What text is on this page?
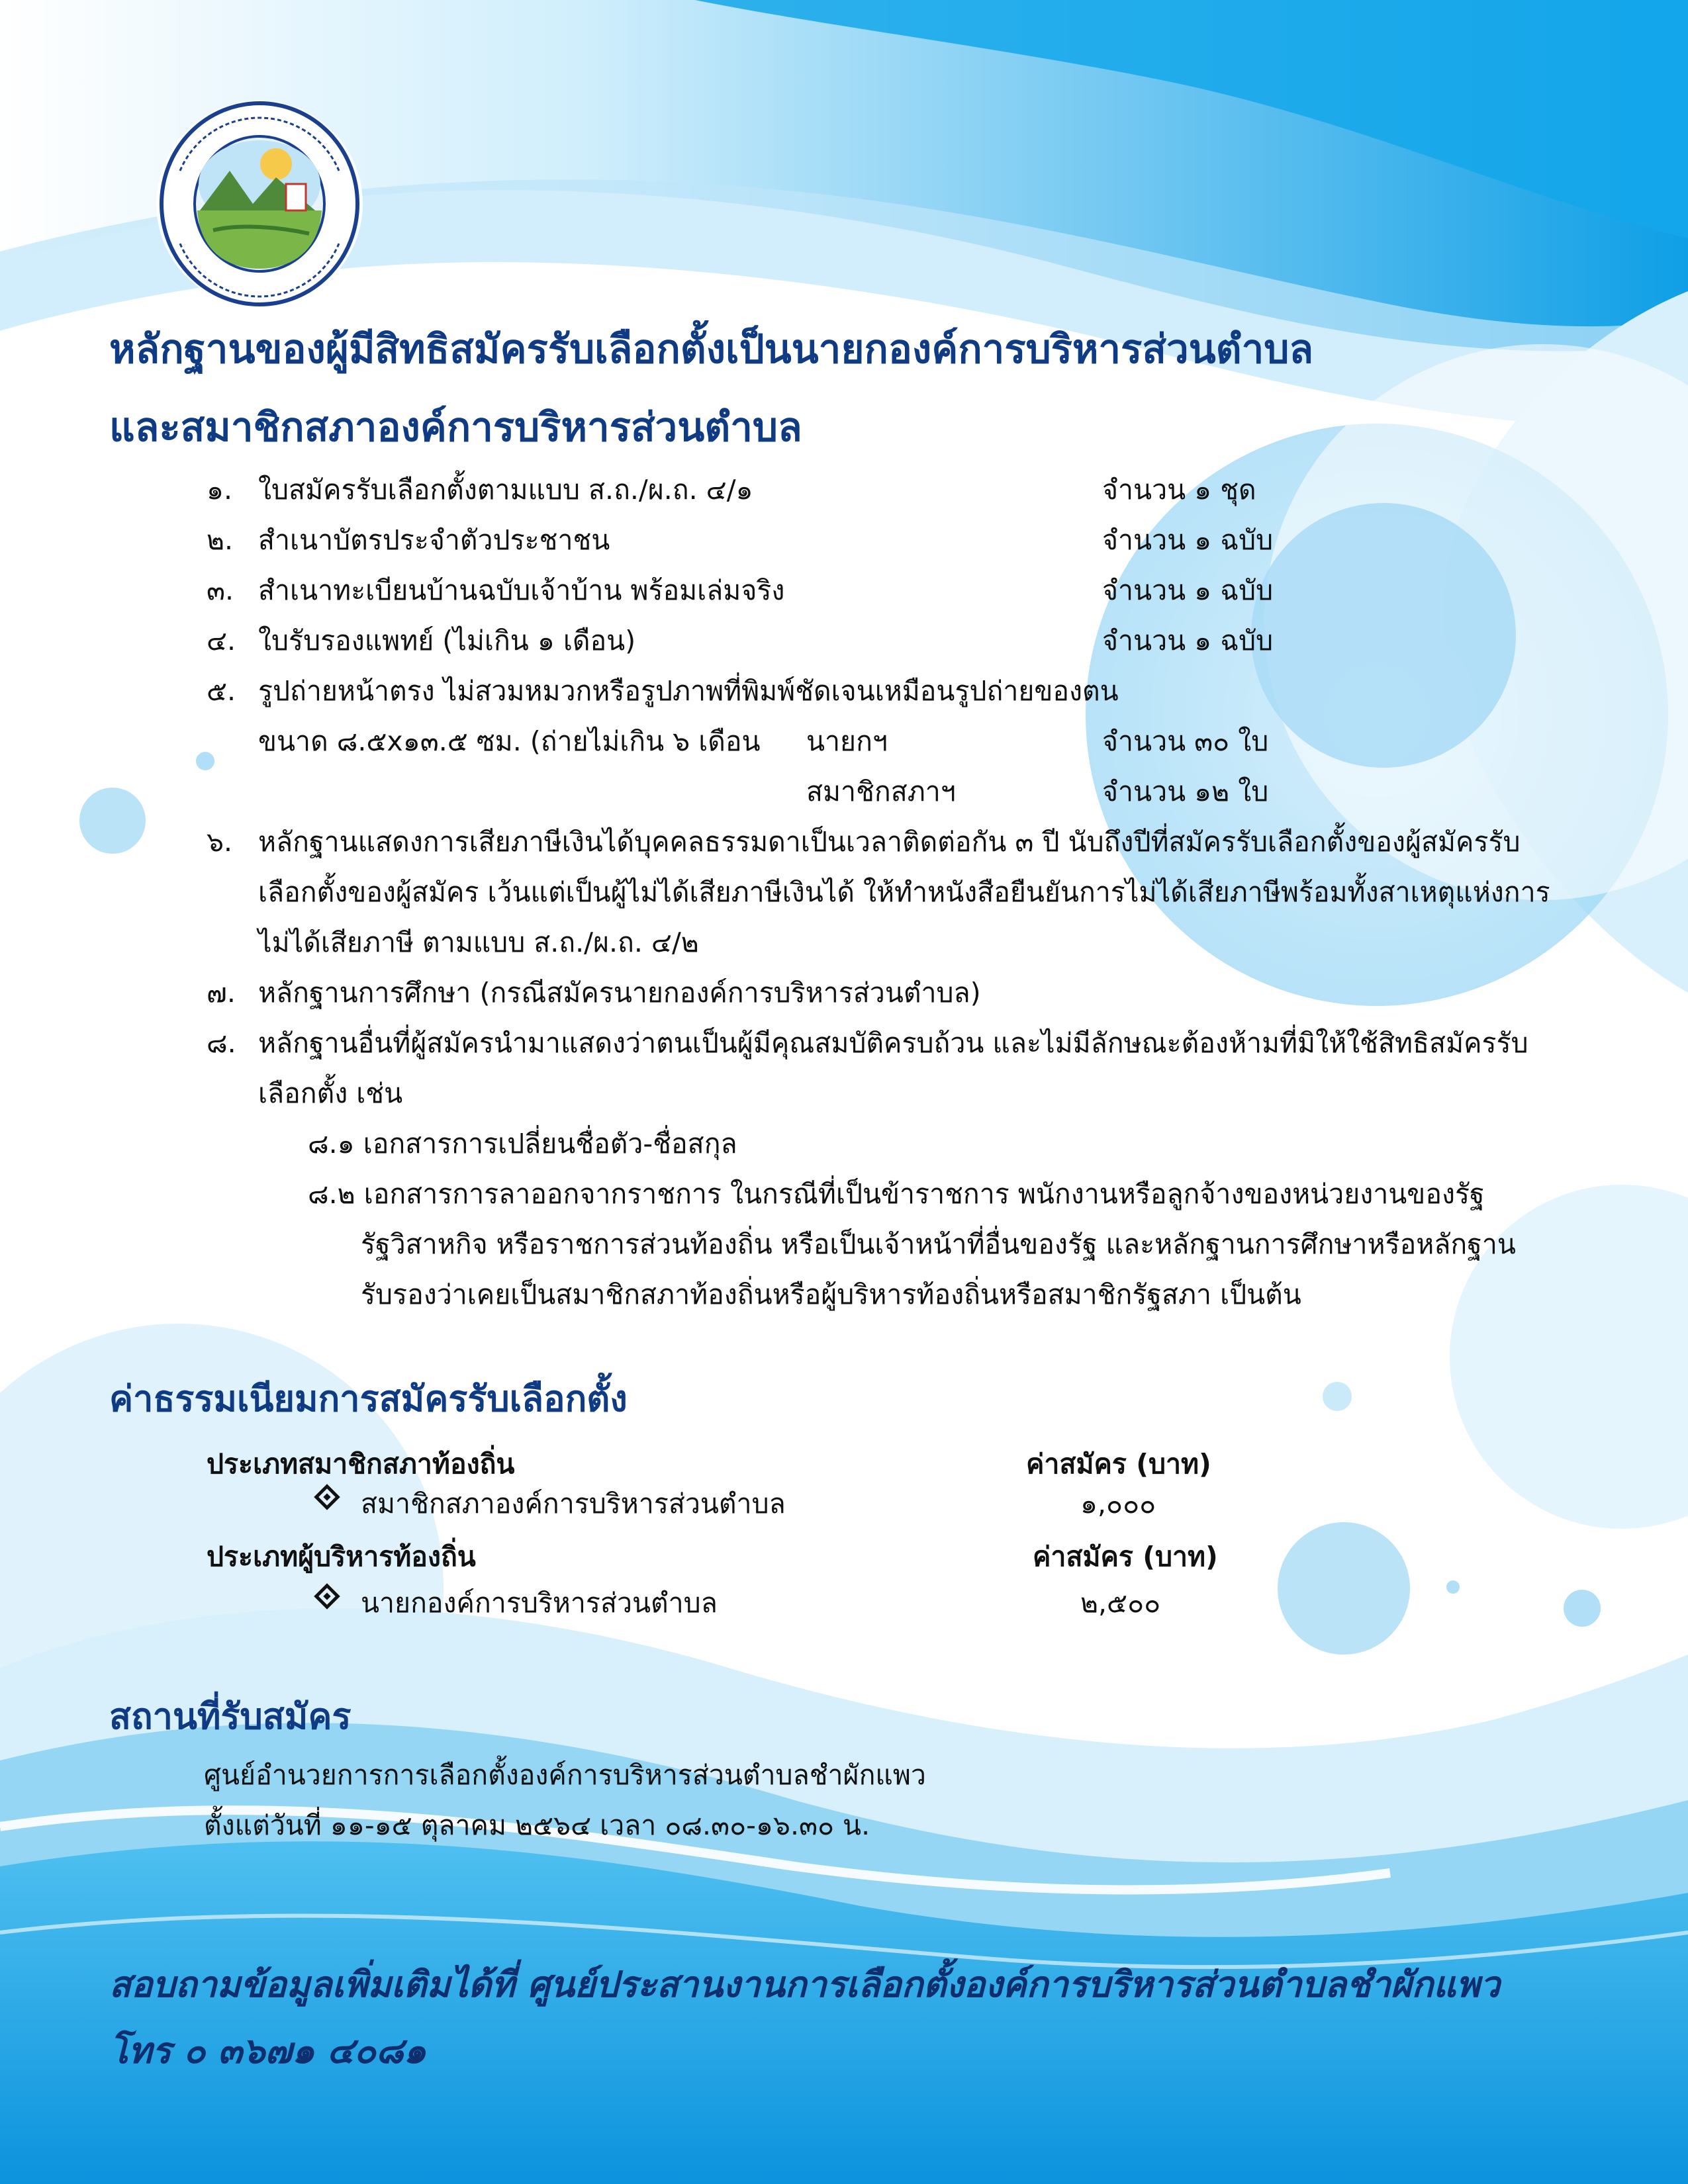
หลักฐานของผู้มีสิทธิสมัครรับเลือกตั้งเป็นนายกองค์การบริหารส่วนตำบล
และสมาชิกสภาองค์การบริหารส่วนตำบล
๑. ใบสมัครรับเลือกตั้งตามแบบ ส.ถ./ผ.ถ. ๔/๑	จำนวน ๑ ชุด
๒. สำเนาบัตรประจำตัวประชาชน	จำนวน ๑ ฉบับ
๓. สำเนาทะเบียนบ้านฉบับเจ้าบ้าน พร้อมเล่มจริง	จำนวน ๑ ฉบับ
๔. ใบรับรองแพทย์ (ไม่เกิน ๑ เดือน)	จำนวน ๑ ฉบับ
๕. รูปถ่ายหน้าตรง ไม่สวมหมวกหรือรูปภาพที่พิมพ์ชัดเจนเหมือนรูปถ่ายของตน
ขนาด ๘.๕x๑๓.๕ ซม. (ถ่ายไม่เกิน ๖ เดือน นายกฯ	จำนวน ๓๐ ใบ
สมาชิกสภาฯ	จำนวน ๑๒ ใบ
๖. หลักฐานแสดงการเสียภาษีเงินได้บุคคลธรรมดาเป็นเวลาติดต่อกัน ๓ ปี นับถึงปีที่สมัครรับเลือกตั้งของผู้สมัครรับ
เลือกตั้งของผู้สมัคร เว้นแต่เป็นผู้ไม่ได้เสียภาษีเงินได้ ให้ทำหนังสือยืนยันการไม่ได้เสียภาษีพร้อมทั้งสาเหตุแห่งการ
ไม่ได้เสียภาษี ตามแบบ ส.ถ./ผ.ถ. ๔/๒
๗. หลักฐานการศึกษา (กรณีสมัครนายกองค์การบริหารส่วนตำบล)
๘. หลักฐานอื่นที่ผู้สมัครนำมาแสดงว่าตนเป็นผู้มีคุณสมบัติครบถ้วน และไม่มีลักษณะต้องห้ามที่มิให้ใช้สิทธิสมัครรับ
เลือกตั้ง เช่น
๘.๑ เอกสารการเปลี่ยนชื่อตัว-ชื่อสกุล
๘.๒ เอกสารการลาออกจากราชการ ในกรณีที่เป็นข้าราชการ พนักงานหรือลูกจ้างของหน่วยงานของรัฐ
รัฐวิสาหกิจ หรือราชการส่วนท้องถิ่น หรือเป็นเจ้าหน้าที่อื่นของรัฐ และหลักฐานการศึกษาหรือหลักฐาน
รับรองว่าเคยเป็นสมาชิกสภาท้องถิ่นหรือผู้บริหารท้องถิ่นหรือสมาชิกรัฐสภา เป็นต้น
ค่าธรรมเนียมการสมัครรับเลือกตั้ง
ประเภทสมาชิกสภาท้องถิ่น	ค่าสมัคร (บาท)
สมาชิกสภาองค์การบริหารส่วนตำบล	๑,๐๐๐
ประเภทผู้บริหารท้องถิ่น	ค่าสมัคร (บาท)
นายกองค์การบริหารส่วนตำบล	๒,๕๐๐
สถานที่รับสมัคร
ศูนย์อำนวยการการเลือกตั้งองค์การบริหารส่วนตำบลชำผักแพว
ตั้งแต่วันที่ ๑๑-๑๕ ตุลาคม ๒๕๖๔ เวลา ๐๘.๓๐-๑๖.๓๐ น.
สอบถามข้อมูลเพิ่มเติมได้ที่ ศูนย์ประสานงานการเลือกตั้งองค์การบริหารส่วนตำบลชำผักแพว
โทร ๐ ๓๖๗๑ ๔๐๘๑
